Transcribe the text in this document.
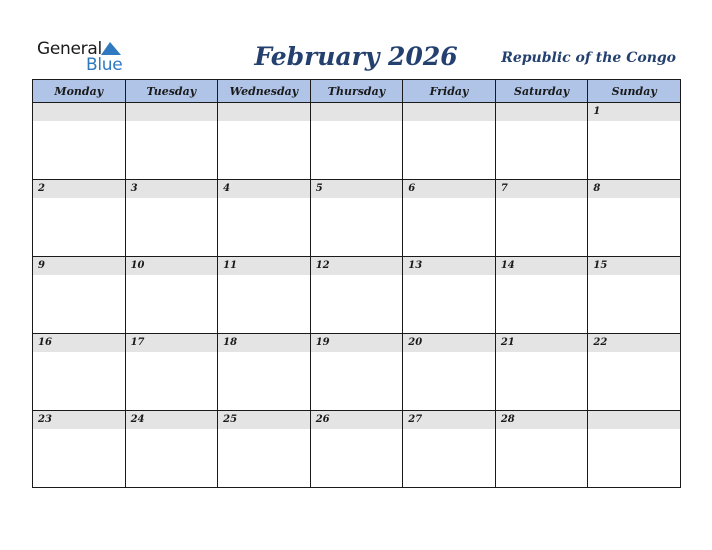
General
Blue	February 2026	Republic of the Congo
Monday	Tuesday	Wednesday	Thursday	Friday	Saturday	Sunday

						1

2	3	4	5	6	7	8

9	10	11	12	13	14	15

16	17	18	19	20	21	22

23	24	25	26	27	28	
